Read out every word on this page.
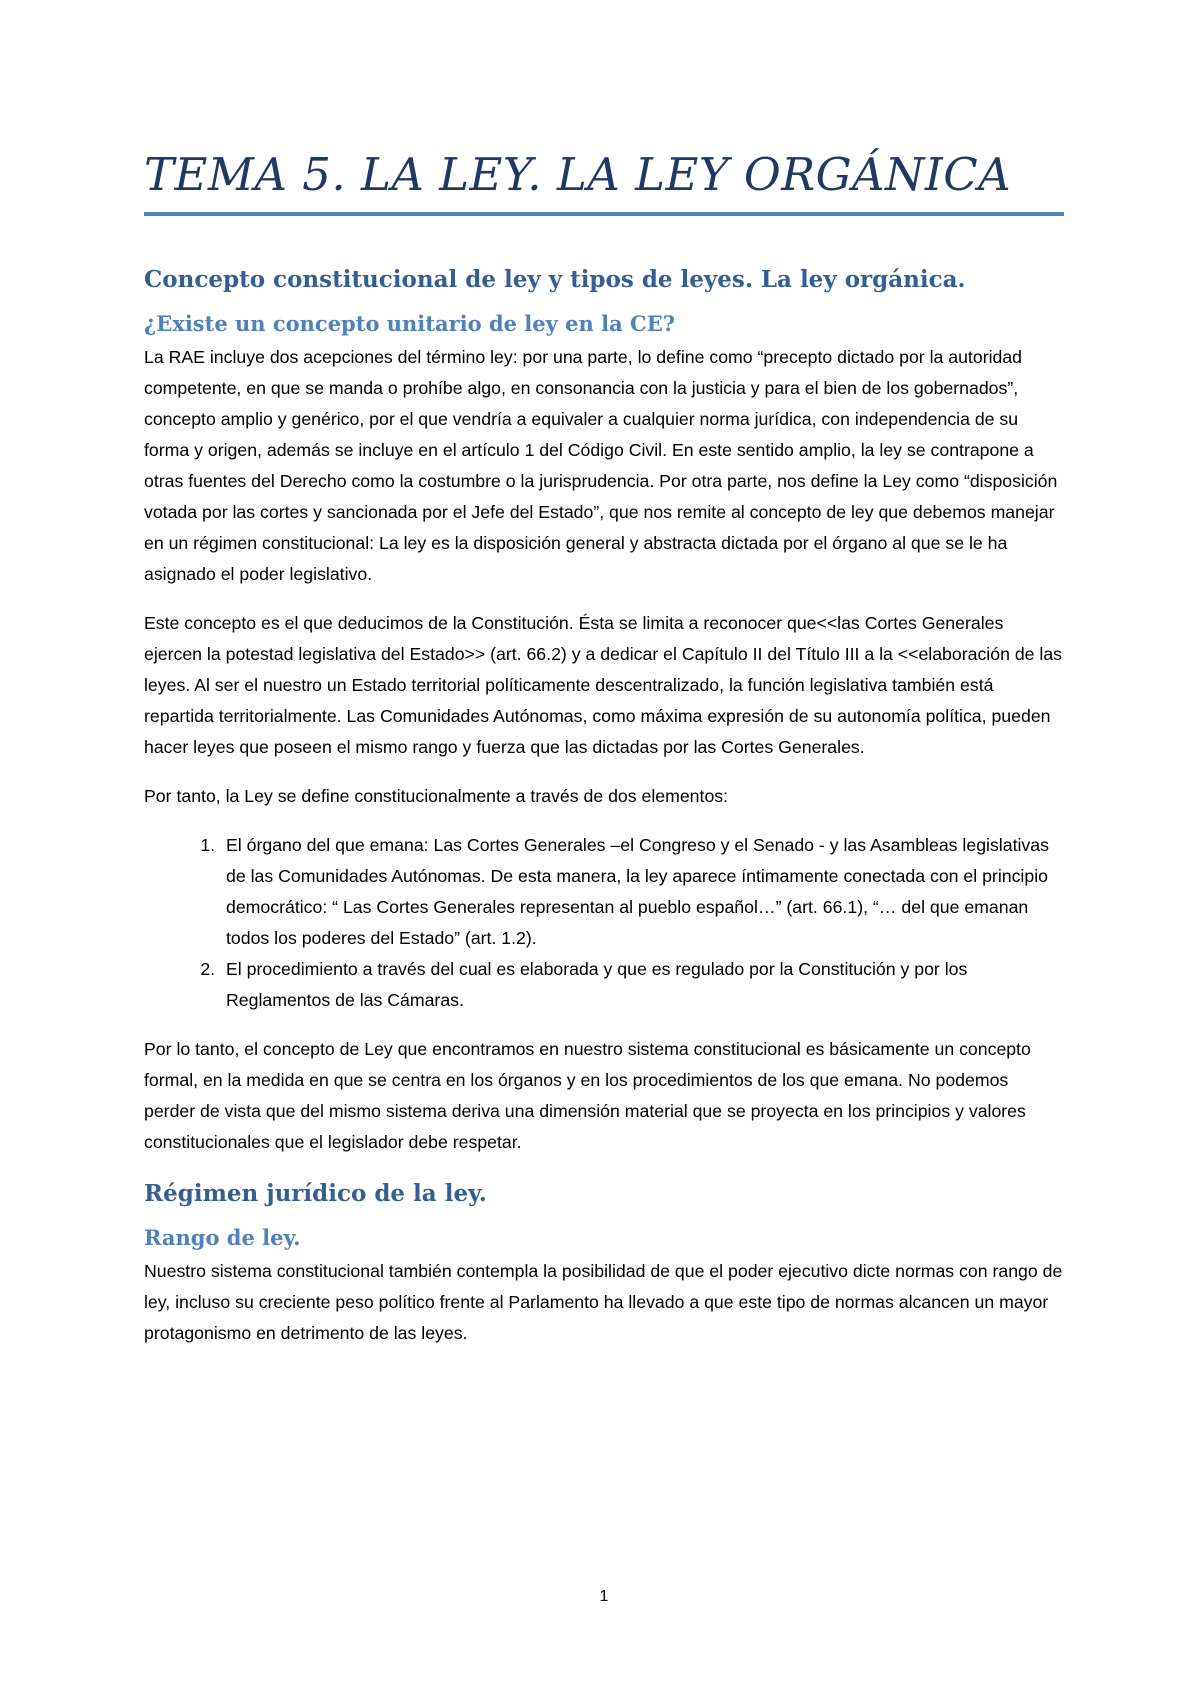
TEMA 5. LA LEY. LA LEY ORGÁNICA
Concepto constitucional de ley y tipos de leyes. La ley orgánica.
¿Existe un concepto unitario de ley en la CE?

La RAE incluye dos acepciones del término ley: por una parte, lo define como “precepto dictado por la autoridad competente, en que se manda o prohíbe algo, en consonancia con la justicia y para el bien de los gobernados”, concepto amplio y genérico, por el que vendría a equivaler a cualquier norma jurídica, con independencia de su forma y origen, además se incluye en el artículo 1 del Código Civil. En este sentido amplio, la ley se contrapone a otras fuentes del Derecho como la costumbre o la jurisprudencia. Por otra parte, nos define la Ley como “disposición votada por las cortes y sancionada por el Jefe del Estado”, que nos remite al concepto de ley que debemos manejar en un régimen constitucional: La ley es la disposición general y abstracta dictada por el órgano al que se le ha asignado el poder legislativo.

Este concepto es el que deducimos de la Constitución. Ésta se limita a reconocer que<<las Cortes Generales ejercen la potestad legislativa del Estado>> (art. 66.2) y a dedicar el Capítulo II del Título III a la <<elaboración de las leyes. Al ser el nuestro un Estado territorial políticamente descentralizado, la función legislativa también está repartida territorialmente. Las Comunidades Autónomas, como máxima expresión de su autonomía política, pueden hacer leyes que poseen el mismo rango y fuerza que las dictadas por las Cortes Generales.

Por tanto, la Ley se define constitucionalmente a través de dos elementos:

1. El órgano del que emana: Las Cortes Generales –el Congreso y el Senado - y las Asambleas legislativas de las Comunidades Autónomas. De esta manera, la ley aparece íntimamente conectada con el principio democrático: “ Las Cortes Generales representan al pueblo español…” (art. 66.1), “… del que emanan todos los poderes del Estado” (art. 1.2).
2. El procedimiento a través del cual es elaborada y que es regulado por la Constitución y por los Reglamentos de las Cámaras.

Por lo tanto, el concepto de Ley que encontramos en nuestro sistema constitucional es básicamente un concepto formal, en la medida en que se centra en los órganos y en los procedimientos de los que emana. No podemos perder de vista que del mismo sistema deriva una dimensión material que se proyecta en los principios y valores constitucionales que el legislador debe respetar.

Régimen jurídico de la ley.
Rango de ley.

Nuestro sistema constitucional también contempla la posibilidad de que el poder ejecutivo dicte normas con rango de ley, incluso su creciente peso político frente al Parlamento ha llevado a que este tipo de normas alcancen un mayor protagonismo en detrimento de las leyes.

1
